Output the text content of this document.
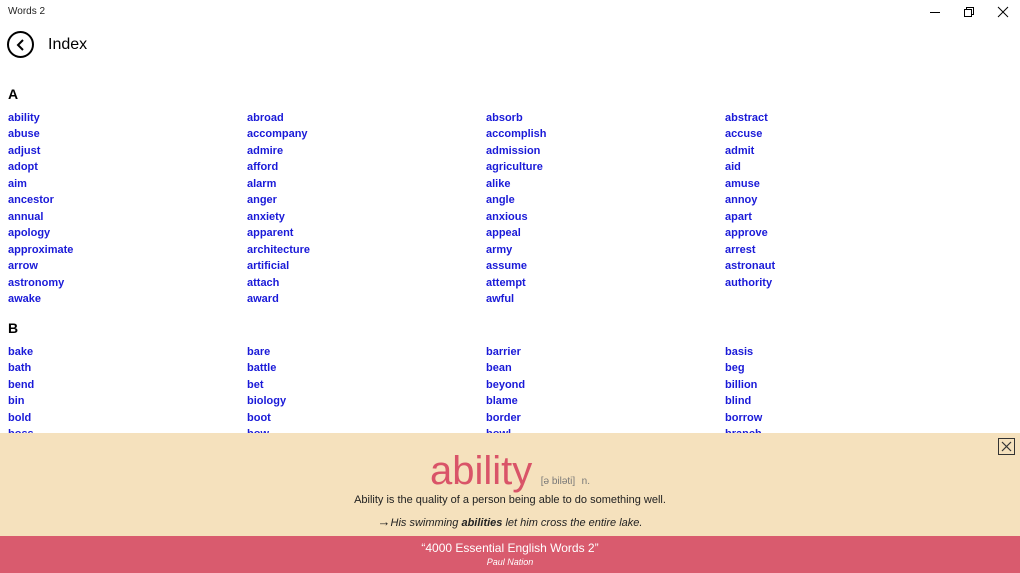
Words 2
Index
A
ability
abuse
adjust
adopt
aim
ancestor
annual
apology
approximate
arrow
astronomy
awake
abroad
accompany
admire
afford
alarm
anger
anxiety
apparent
architecture
artificial
attach
award
absorb
accomplish
admission
agriculture
alike
angle
anxious
appeal
army
assume
attempt
awful
abstract
accuse
admit
aid
amuse
annoy
apart
approve
arrest
astronaut
authority
B
bake
bath
bend
bin
bold
bare
battle
bet
biology
boot
barrier
bean
beyond
blame
border
basis
beg
billion
blind
borrow
ability [ə biləti] n.
Ability is the quality of a person being able to do something well.
→His swimming abilities let him cross the entire lake.
“4000 Essential English Words 2”
Paul Nation
